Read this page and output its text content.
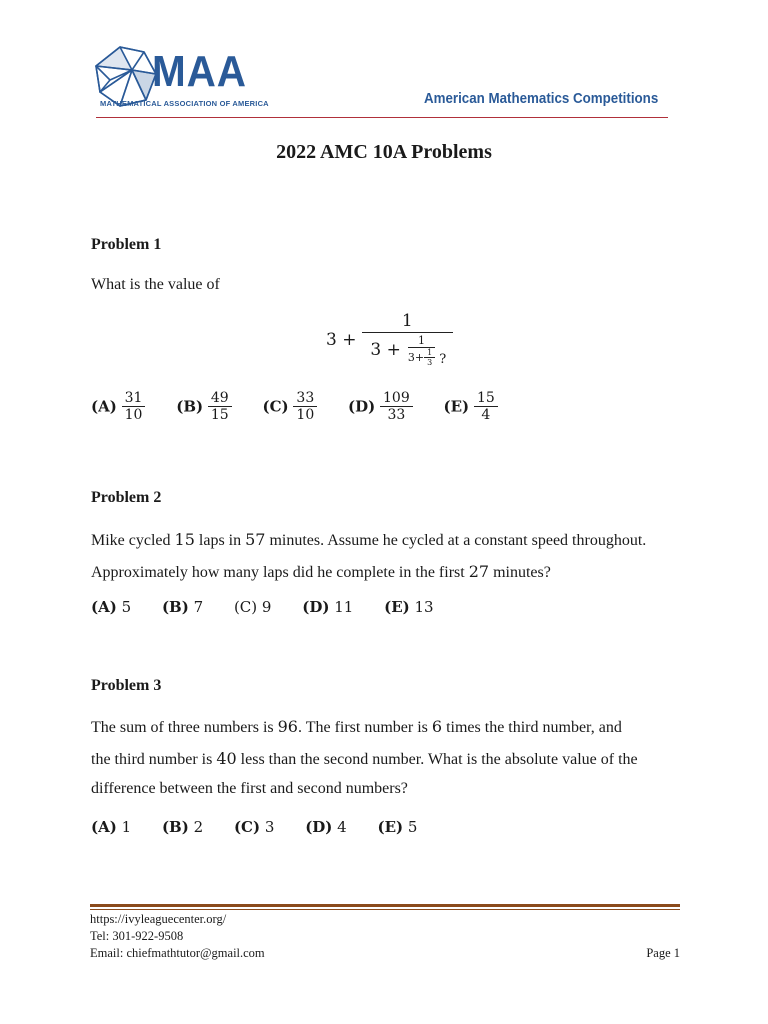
MAA
MATHEMATICAL ASSOCIATION OF AMERICA	American Mathematics Competitions
2022 AMC 10A Problems
Problem 1
What is the value of
3 +
1
$3 + \frac{1}{3+ \frac{1}{3}}$ ?
$(A) \frac{31}{10} (B) \frac{49}{15} (C) \frac{33}{10} (D) \frac{109}{33} (E) \frac{15}{4}$
Problem 2
Mike cycled 15 laps in 57 minutes. Assume he cycled at a constant speed throughout.
Approximately how many laps did he complete in the first 27 minutes?
(A) 5 (B) 7 (C) 9 (D) 11 (E) 13
Problem 3
The sum of three numbers is 96. The first number is 6 times the third number, and
the third number is 40 less than the second number. What is the absolute value of the
difference between the first and second numbers?
(A) 1 (B) 2 (C) 3 (D) 4 (E) 5
https://ivyleaguecenter.org/
Tel: 301-922-9508
Email: chiefmathtutor@gmail.com	Page 1
